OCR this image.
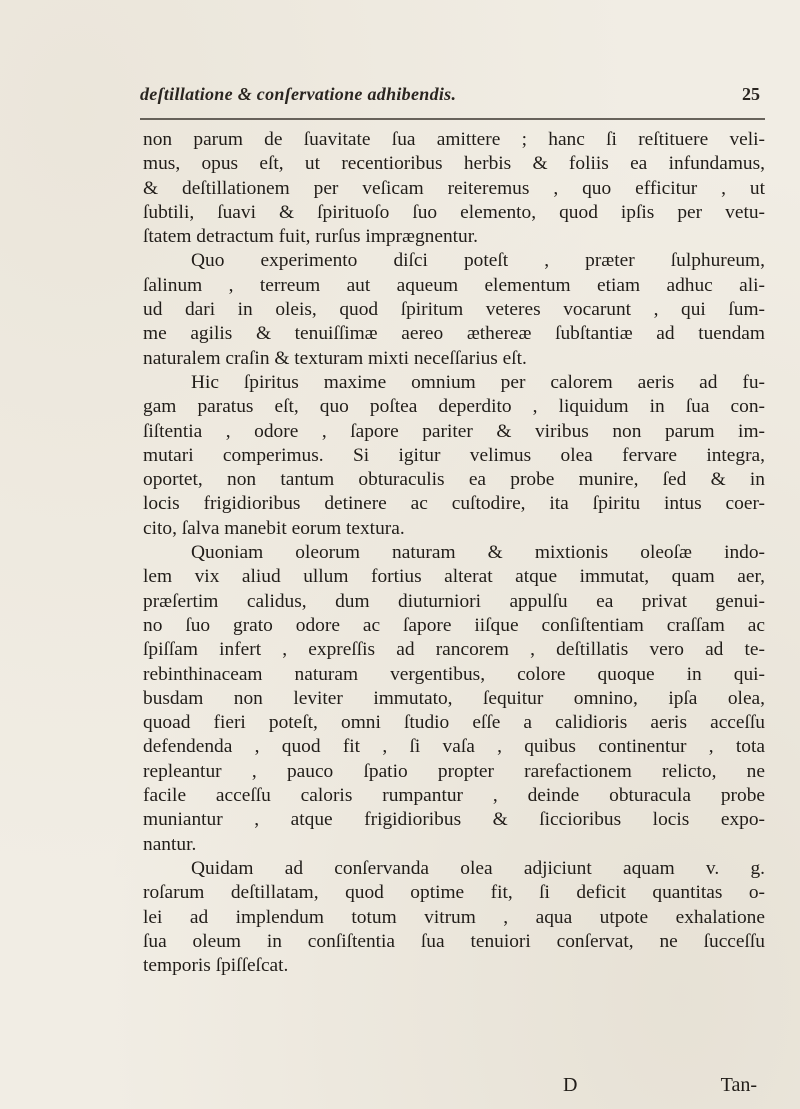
deſtillatione & conſervatione adhibendis.	25
non parum de ſuavitate ſua amittere ; hanc ſi reſtituere veli-
mus, opus eſt, ut recentioribus herbis & foliis ea infundamus,
& deſtillationem per veſicam reiteremus , quo efficitur , ut
ſubtili, ſuavi & ſpirituoſo ſuo elemento, quod ipſis per vetu-
ſtatem detractum fuit, rurſus imprægnentur.
Quo experimento diſci poteſt , præter ſulphureum,
ſalinum , terreum aut aqueum elementum etiam adhuc ali-
ud dari in oleis, quod ſpiritum veteres vocarunt , qui ſum-
me agilis & tenuiſſimæ aereo æthereæ ſubſtantiæ ad tuendam
naturalem craſin & texturam mixti neceſſarius eſt.
Hic ſpiritus maxime omnium per calorem aeris ad fu-
gam paratus eſt, quo poſtea deperdito , liquidum in ſua con-
ſiſtentia , odore , ſapore pariter & viribus non parum im-
mutari comperimus. Si igitur velimus olea fervare integra,
oportet, non tantum obturaculis ea probe munire, ſed & in
locis frigidioribus detinere ac cuſtodire, ita ſpiritu intus coer-
cito, ſalva manebit eorum textura.
Quoniam oleorum naturam & mixtionis oleoſæ indo-
lem vix aliud ullum fortius alterat atque immutat, quam aer,
præſertim calidus, dum diuturniori appulſu ea privat genui-
no ſuo grato odore ac ſapore iiſque conſiſtentiam craſſam ac
ſpiſſam infert , expreſſis ad rancorem , deſtillatis vero ad te-
rebinthinaceam naturam vergentibus, colore quoque in qui-
busdam non leviter immutato, ſequitur omnino, ipſa olea,
quoad fieri poteſt, omni ſtudio eſſe a calidioris aeris acceſſu
defendenda , quod fit , ſi vaſa , quibus continentur , tota
repleantur , pauco ſpatio propter rarefactionem relicto, ne
facile acceſſu caloris rumpantur , deinde obturacula probe
muniantur , atque frigidioribus & ſiccioribus locis expo-
nantur.
Quidam ad conſervanda olea adjiciunt aquam v. g.
roſarum deſtillatam, quod optime fit, ſi deficit quantitas o-
lei ad implendum totum vitrum , aqua utpote exhalatione
ſua oleum in conſiſtentia ſua tenuiori conſervat, ne ſucceſſu
temporis ſpiſſeſcat.
D	Tan-
